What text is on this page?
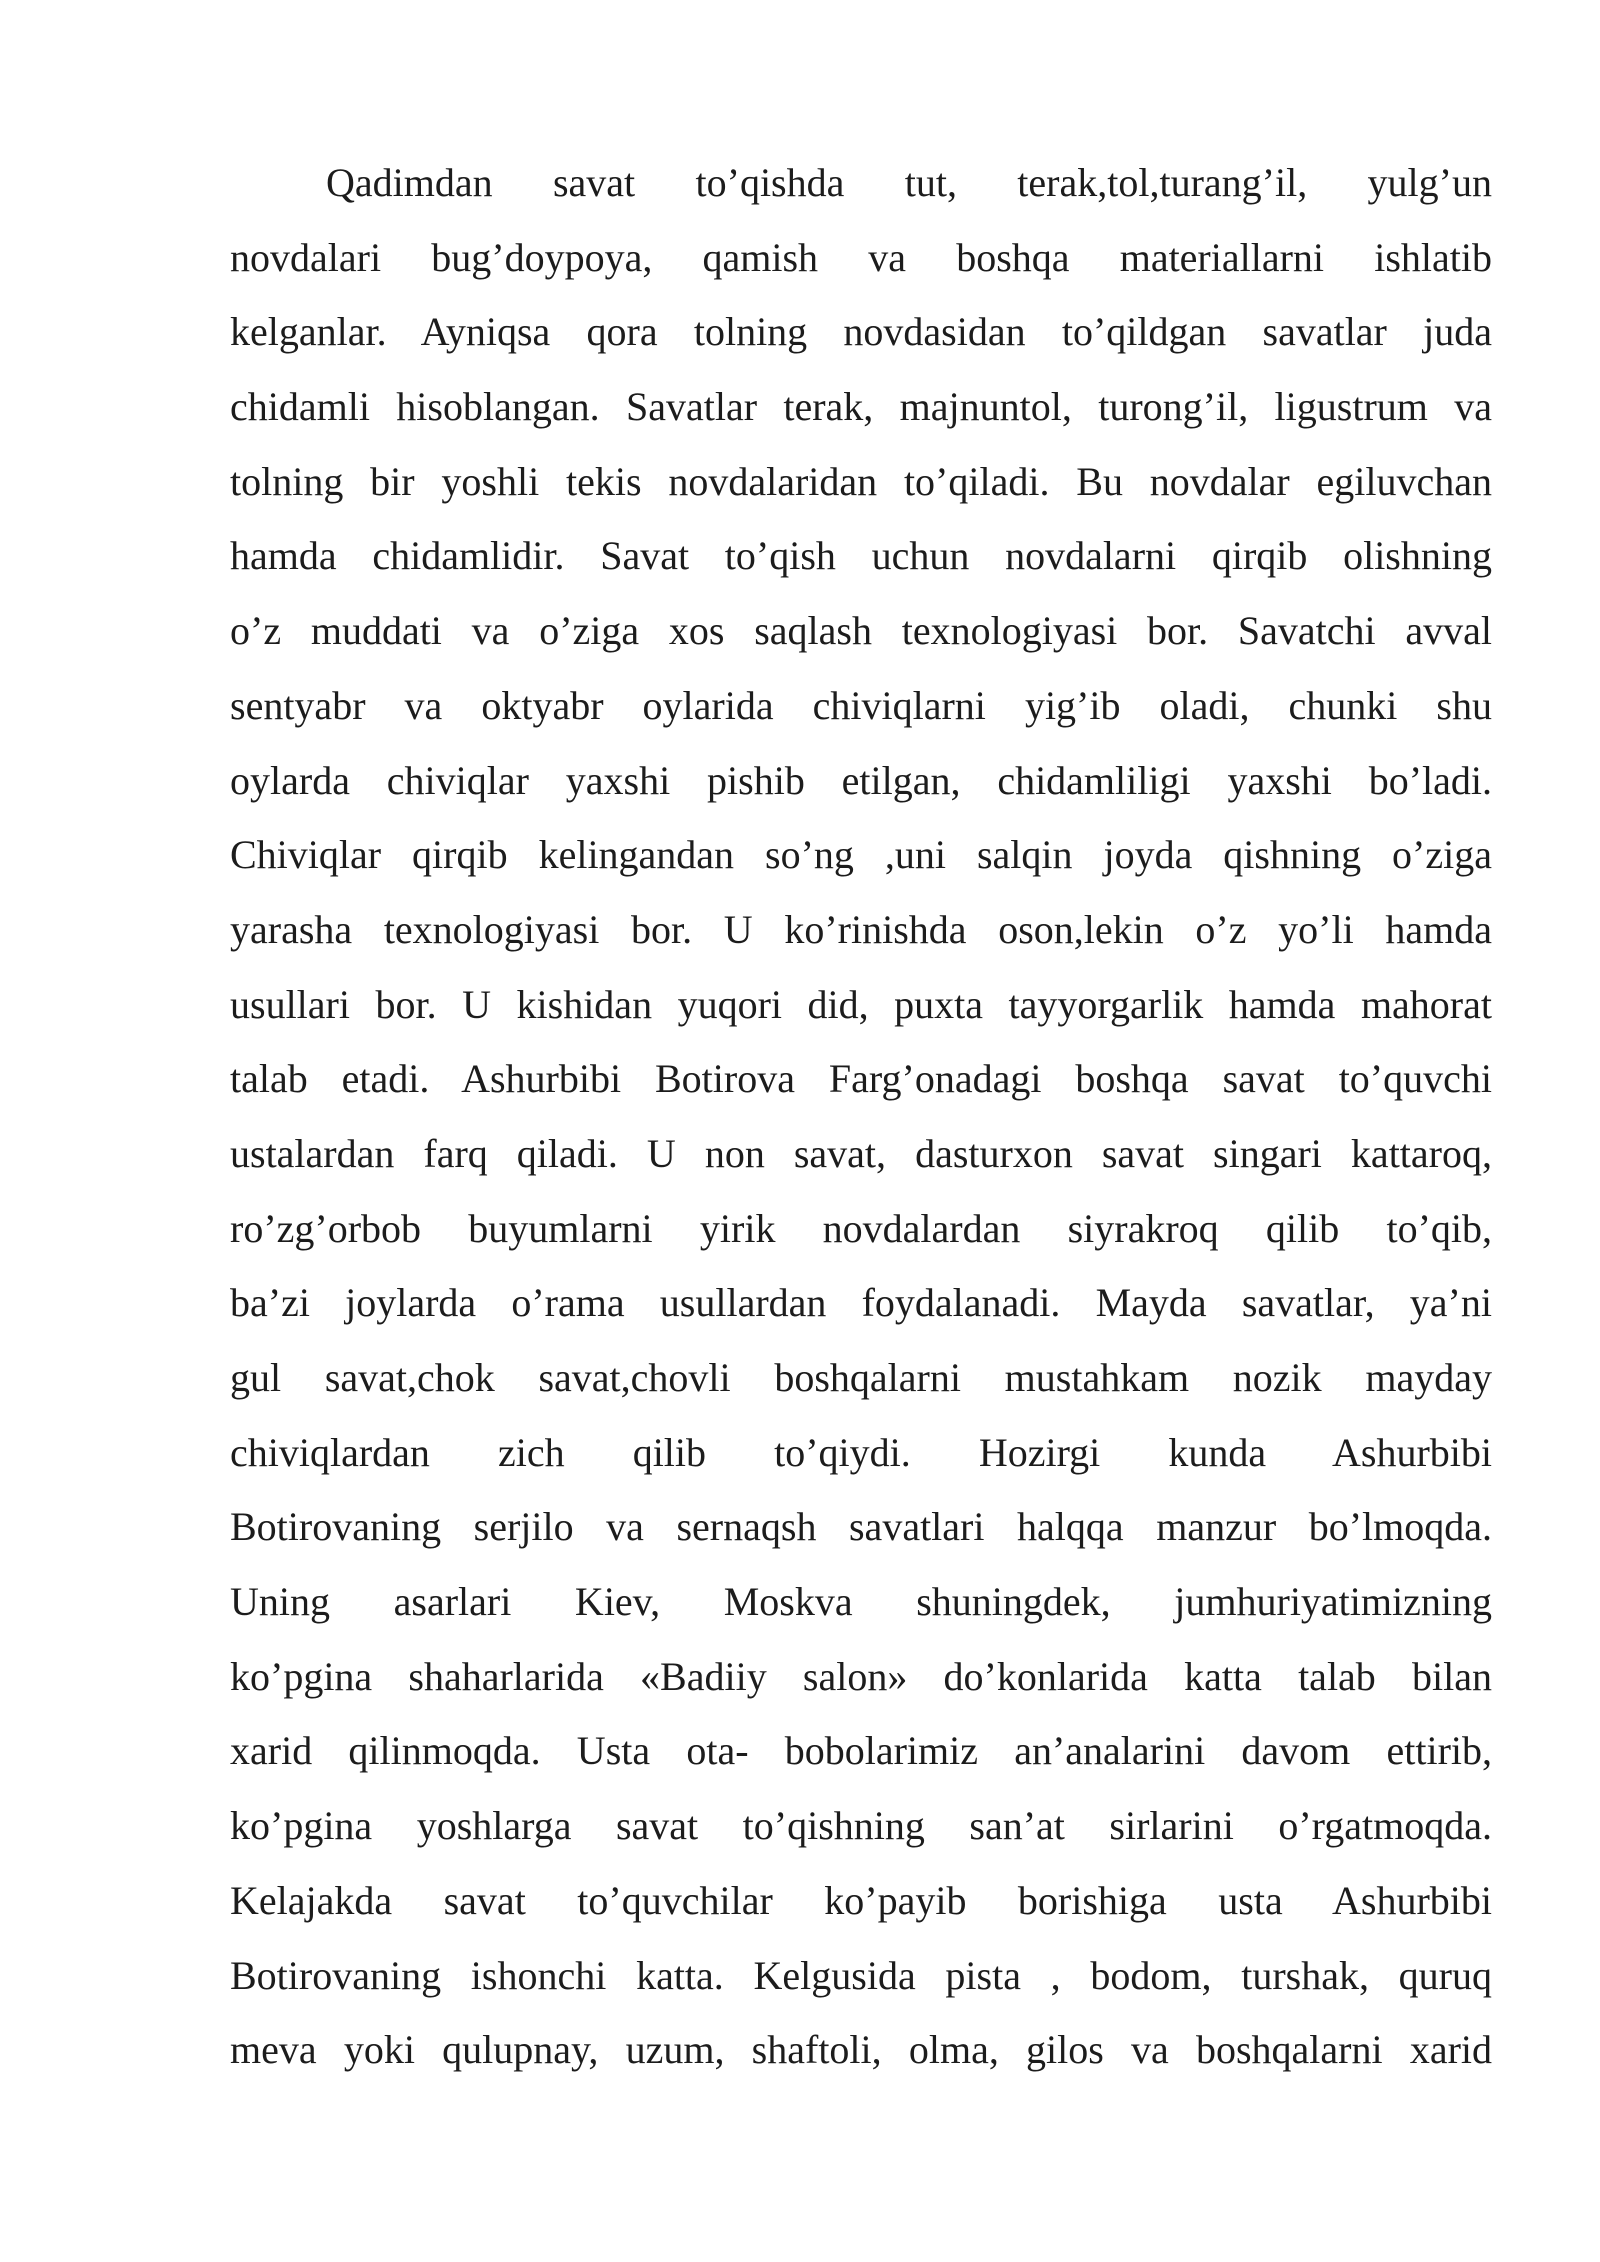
Qadimdan savat to’qishda tut, terak,tol,turang’il, yulg’un
novdalari bug’doypoya, qamish va boshqa materiallarni ishlatib
kelganlar. Ayniqsa qora tolning novdasidan to’qildgan savatlar juda
chidamli hisoblangan. Savatlar terak, majnuntol, turong’il, ligustrum va
tolning bir yoshli tekis novdalaridan to’qiladi. Bu novdalar egiluvchan
hamda chidamlidir. Savat to’qish uchun novdalarni qirqib olishning
o’z muddati va o’ziga xos saqlash texnologiyasi bor. Savatchi avval
sentyabr va oktyabr oylarida chiviqlarni yig’ib oladi, chunki shu
oylarda chiviqlar yaxshi pishib etilgan, chidamliligi yaxshi bo’ladi.
Chiviqlar qirqib kelingandan so’ng ,uni salqin joyda qishning o’ziga
yarasha texnologiyasi bor. U ko’rinishda oson,lekin o’z yo’li hamda
usullari bor. U kishidan yuqori did, puxta tayyorgarlik hamda mahorat
talab etadi. Ashurbibi Botirova Farg’onadagi boshqa savat to’quvchi
ustalardan farq qiladi. U non savat, dasturxon savat singari kattaroq,
ro’zg’orbob buyumlarni yirik novdalardan siyrakroq qilib to’qib,
ba’zi joylarda o’rama usullardan foydalanadi. Mayda savatlar, ya’ni
gul savat,chok savat,chovli boshqalarni mustahkam nozik mayday
chiviqlardan zich qilib to’qiydi. Hozirgi kunda Ashurbibi
Botirovaning serjilo va sernaqsh savatlari halqqa manzur bo’lmoqda.
Uning asarlari Kiev, Moskva shuningdek, jumhuriyatimizning
ko’pgina shaharlarida «Badiiy salon» do’konlarida katta talab bilan
xarid qilinmoqda. Usta ota- bobolarimiz an’analarini davom ettirib,
ko’pgina yoshlarga savat to’qishning san’at sirlarini o’rgatmoqda.
Kelajakda savat to’quvchilar ko’payib borishiga usta Ashurbibi
Botirovaning ishonchi katta. Kelgusida pista , bodom, turshak, quruq
meva yoki qulupnay, uzum, shaftoli, olma, gilos va boshqalarni xarid
